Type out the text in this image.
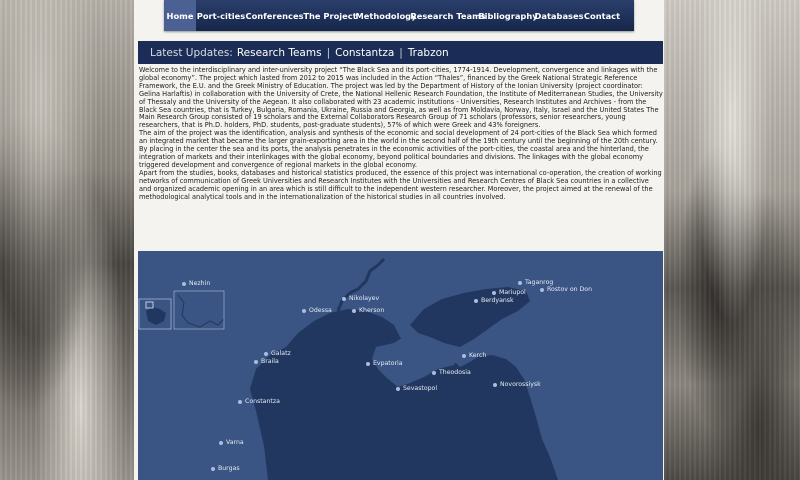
Home Port-cities Conferences The Project
Methodology
Research Teams
Bibliography
Databases Contact
Latest Updates: Research Teams | Constantza | Trabzon

Welcome to the interdisciplinary and inter-university project “The Black Sea and its port-cities, 1774-1914. Development, convergence and linkages with the global economy”. The project which lasted from 2012 to 2015 was included in the Action “Thales”, financed by the Greek National Strategic Reference Framework, the E.U. and the Greek Ministry of Education. The project was led by the Department of History of the Ionian University (project coordinator: Gelina Harlaftis) in collaboration with the University of Crete, the National Hellenic Research Foundation, the Institute of Mediterranean Studies, the University of Thessaly and the University of the Aegean. It also collaborated with 23 academic institutions - Universities, Research Institutes and Archives - from the Black Sea countries, that is Turkey, Bulgaria, Romania, Ukraine, Russia and Georgia, as well as from Moldavia, Norway, Italy, Israel and the United States The Main Research Group consisted of 19 scholars and the External Collaborators Research Group of 71 scholars (professors, senior researchers, young researchers, that is Ph.D. holders, PhD. students, post-graduate students), 57% of which were Greek and 43% foreigners.

The aim of the project was the identification, analysis and synthesis of the economic and social development of 24 port-cities of the Black Sea which formed an integrated market that became the larger grain-exporting area in the world in the second half of the 19th century until the beginning of the 20th century. By placing in the center the sea and its ports, the analysis penetrates in the economic activities of the port-cities, the coastal area and the hinterland, the integration of markets and their interlinkages with the global economy, beyond political boundaries and divisions. The linkages with the global economy triggered development and convergence of regional markets in the global economy.

Apart from the studies, books, databases and historical statistics produced, the essence of this project was international co-operation, the creation of working networks of communication of Greek Universities and Research Institutes with the Universities and Research Centres of Black Sea countries in a collective and organized academic opening in an area which is still difficult to the independent western researcher. Moreover, the project aimed at the renewal of the methodological analytical tools and in the internationalization of the historical studies in all countries involved.

Nezhin
Nikolayev
Odessa	Kherson
Taganrog
Mariupol	Rostov on Don
Berdyansk
Galatz
Braila	Evpatoria
Kerch
Theodosia
Sevastopol
Novorossiysk
Constantza
Varna
Burgas
